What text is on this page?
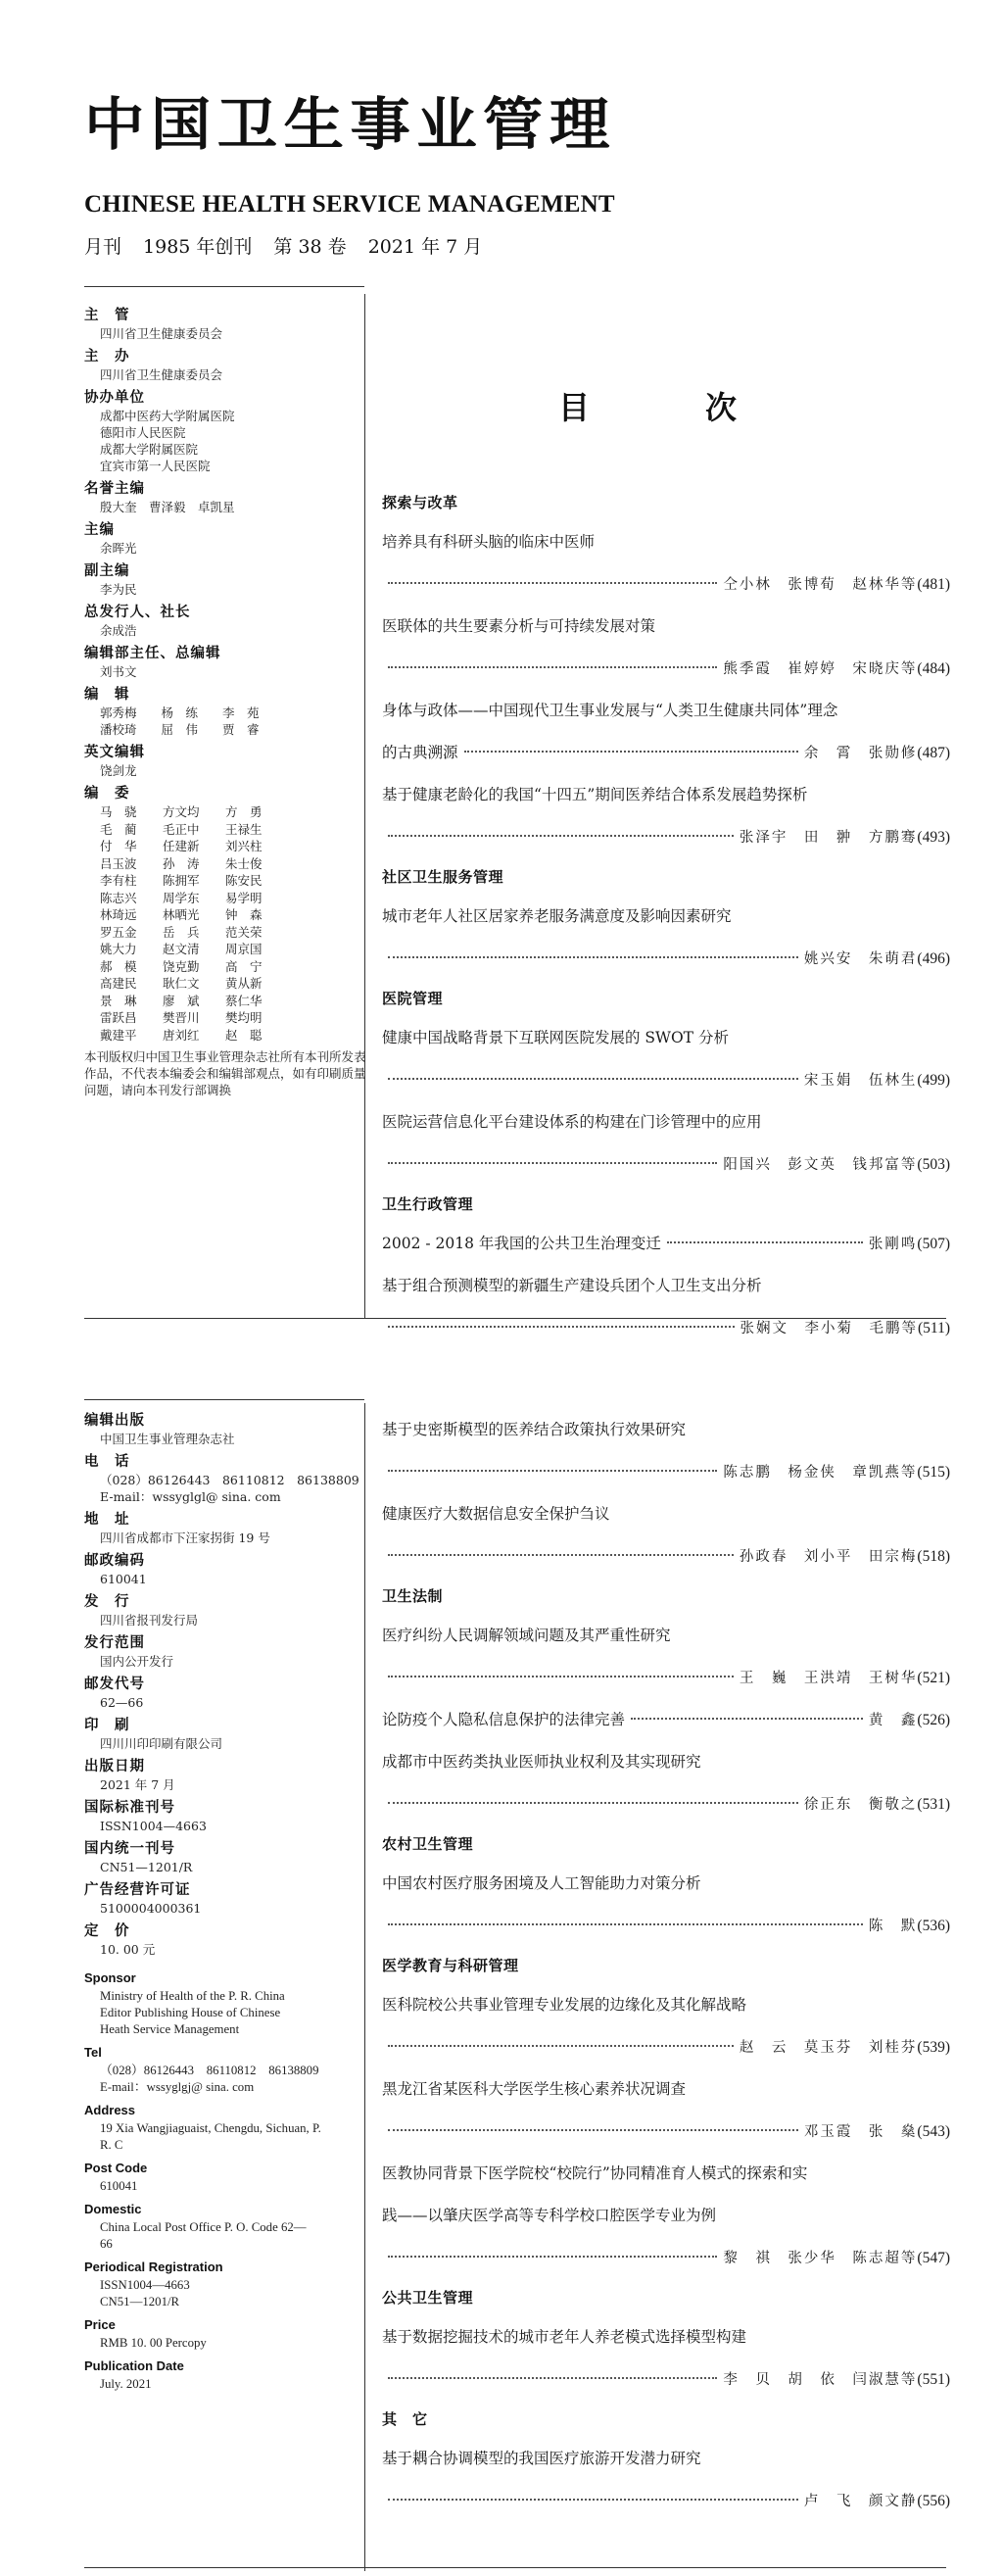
中国卫生事业管理
CHINESE HEALTH SERVICE MANAGEMENT
月刊 1985 年创刊 第 38 卷 2021 年 7 月
主　管
四川省卫生健康委员会
主　办
四川省卫生健康委员会
协办单位
成都中医药大学附属医院
德阳市人民医院
成都大学附属医院
宜宾市第一人民医院
名誉主编
殷大奎　曹泽毅　卓凯星
主编
余晖光
副主编
李为民
总发行人、社长
余成浩
编辑部主任、总编辑
刘书文
编　辑
郭秀梅　　杨　练　　李　苑
潘校琦　　屈　伟　　贾　睿
英文编辑
饶剑龙
编　委
马　骁	方文均	方　勇
毛　蔺	毛正中	王禄生
付　华	任建新	刘兴柱
吕玉波	孙　涛	朱士俊
李有柱	陈拥军	陈安民
陈志兴	周学东	易学明
林琦远	林晒光	钟　森
罗五金	岳　兵	范关荣
姚大力	赵文清	周京国
郝　模	饶克勤	高　宁
高建民	耿仁文	黄从新
景　琳	廖　斌	蔡仁华
雷跃昌	樊晋川	樊均明
戴建平	唐刘红	赵　聪
本刊版权归中国卫生事业管理杂志社所有本刊所发表作品，不代表本编委会和编辑部观点，如有印刷质量问题，请向本刊发行部调换
目次
探索与改革
培养具有科研头脑的临床中医师
仝小林　张博荀　赵林华等 (481)
医联体的共生要素分析与可持续发展对策
熊季霞　崔婷婷　宋晓庆等 (484)
身体与政体——中国现代卫生事业发展与“人类卫生健康共同体”理念
的古典溯源	余　霄　张勋修 (487)
基于健康老龄化的我国“十四五”期间医养结合体系发展趋势探析
张泽宇　田　翀　方鹏骞 (493)
社区卫生服务管理
城市老年人社区居家养老服务满意度及影响因素研究
姚兴安　朱萌君 (496)
医院管理
健康中国战略背景下互联网医院发展的 SWOT 分析
宋玉娟　伍林生 (499)
医院运营信息化平台建设体系的构建在门诊管理中的应用
阳国兴　彭文英　钱邦富等 (503)
卫生行政管理
2002 - 2018 年我国的公共卫生治理变迁	张剛鸣 (507)
基于组合预测模型的新疆生产建设兵团个人卫生支出分析
张娴文　李小菊　毛鹏等 (511)
编辑出版
中国卫生事业管理杂志社
电　话
（028）86126443　86110812　86138809
E-mail：wssyglgl@ sina. com
地　址
四川省成都市下汪家拐街 19 号
邮政编码
610041
发　行
四川省报刊发行局
发行范围
国内公开发行
邮发代号
62—66
印　刷
四川川印印刷有限公司
出版日期
2021 年 7 月
国际标准刊号
ISSN1004—4663
国内统一刊号
CN51—1201/R
广告经营许可证
5100004000361
定　价
10. 00 元
Sponsor
Ministry of Health of the P. R. China
Editor Publishing House of Chinese
Heath Service Management
Tel
（028）86126443　86110812　86138809
E-mail：wssyglgj@ sina. com
Address
19 Xia Wangjiaguaist, Chengdu, Sichuan, P.
R. C
Post Code
610041
Domestic
China Local Post Office P. O. Code 62—
66
Periodical Registration
ISSN1004—4663
CN51—1201/R
Price
RMB 10. 00 Percopy
Publication Date
July. 2021
基于史密斯模型的医养结合政策执行效果研究
陈志鹏　杨金侠　章凯燕等 (515)
健康医疗大数据信息安全保护刍议
孙政春　刘小平　田宗梅 (518)
卫生法制
医疗纠纷人民调解领域问题及其严重性研究
王　巍　王洪靖　王树华 (521)
论防疫个人隐私信息保护的法律完善	黄　鑫 (526)
成都市中医药类执业医师执业权利及其实现研究
徐正东　衡敬之 (531)
农村卫生管理
中国农村医疗服务困境及人工智能助力对策分析
陈　默 (536)
医学教育与科研管理
医科院校公共事业管理专业发展的边缘化及其化解战略
赵　云　莫玉芬　刘桂芬 (539)
黑龙江省某医科大学医学生核心素养状况调查
邓玉霞　张　燊 (543)
医教协同背景下医学院校“校院行”协同精准育人模式的探索和实
践——以肇庆医学高等专科学校口腔医学专业为例
黎　祺　张少华　陈志超等 (547)
公共卫生管理
基于数据挖掘技术的城市老年人养老模式选择模型构建
李　贝　胡　依　闫淑慧等 (551)
其　它
基于耦合协调模型的我国医疗旅游开发潜力研究
卢　飞　颜文静 (556)
